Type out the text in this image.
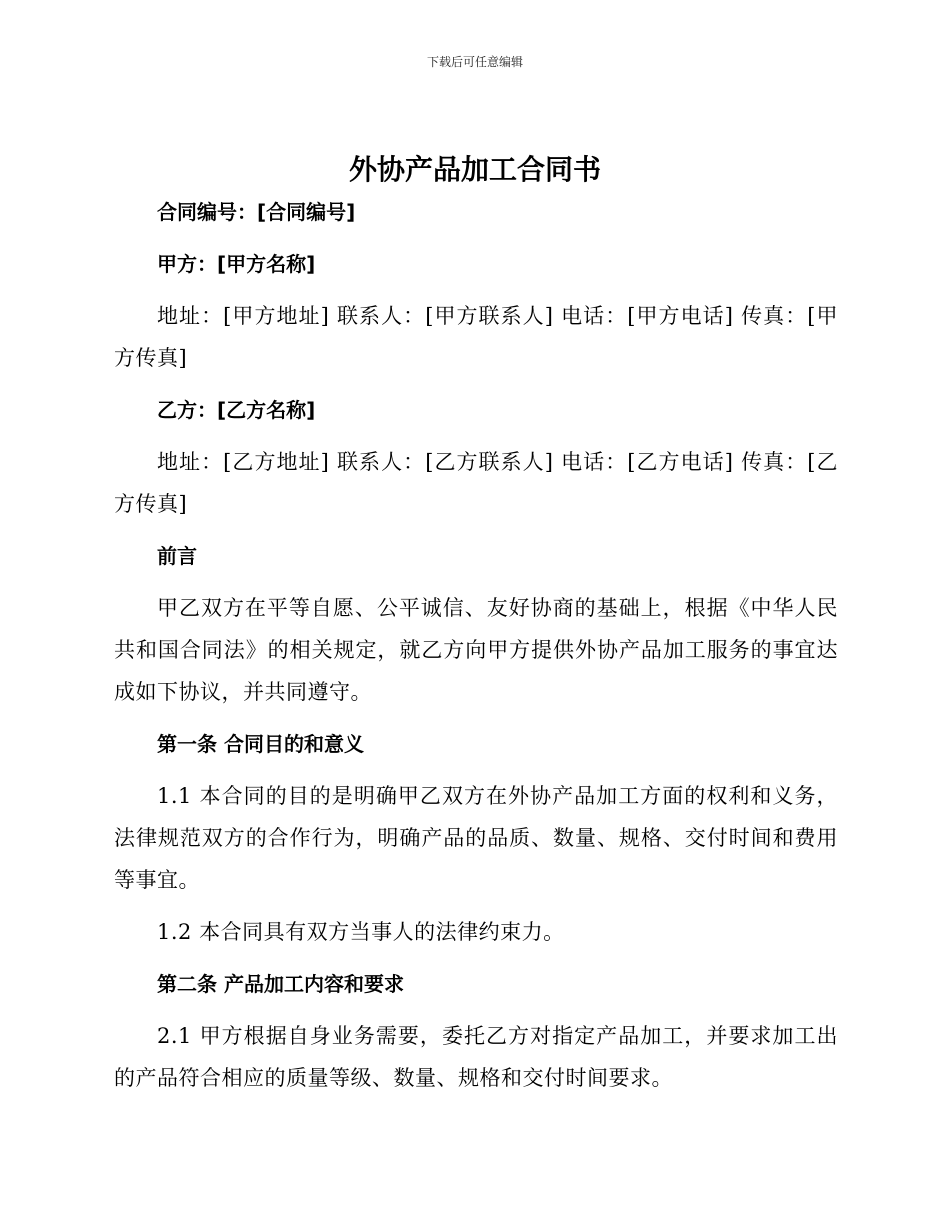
下载后可任意编辑
外协产品加工合同书
合同编号：[合同编号]
甲方：[甲方名称]

地址：[甲方地址] 联系人：[甲方联系人] 电话：[甲方电话] 传真：[甲方传真]

乙方：[乙方名称]

地址：[乙方地址] 联系人：[乙方联系人] 电话：[乙方电话] 传真：[乙方传真]

前言

甲乙双方在平等自愿、公平诚信、友好协商的基础上，根据《中华人民共和国合同法》的相关规定，就乙方向甲方提供外协产品加工服务的事宜达成如下协议，并共同遵守。

第一条 合同目的和意义

1.1 本合同的目的是明确甲乙双方在外协产品加工方面的权利和义务，法律规范双方的合作行为，明确产品的品质、数量、规格、交付时间和费用等事宜。

1.2 本合同具有双方当事人的法律约束力。

第二条 产品加工内容和要求

2.1 甲方根据自身业务需要，委托乙方对指定产品加工，并要求加工出的产品符合相应的质量等级、数量、规格和交付时间要求。
